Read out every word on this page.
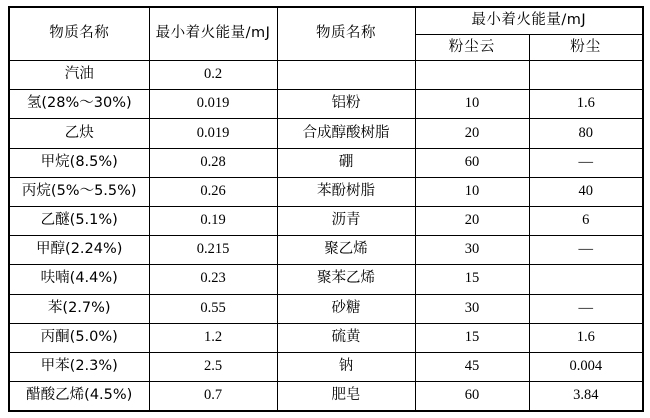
物质名称	最小着火能量/mJ	物质名称	最小着火能量/mJ	
			粉尘云	粉尘
汽油	0.2			
氢(28%～30%)	0.019	铝粉	10	1.6
乙炔	0.019	合成醇酸树脂	20	80
甲烷(8.5%)	0.28	硼	60	—
丙烷(5%～5.5%)	0.26	苯酚树脂	10	40
乙醚(5.1%)	0.19	沥青	20	6
甲醇(2.24%)	0.215	聚乙烯	30	—
呋喃(4.4%)	0.23	聚苯乙烯	15	
苯(2.7%)	0.55	砂糖	30	—
丙酮(5.0%)	1.2	硫黄	15	1.6
甲苯(2.3%)	2.5	钠	45	0.004
醋酸乙烯(4.5%)	0.7	肥皂	60	3.84
